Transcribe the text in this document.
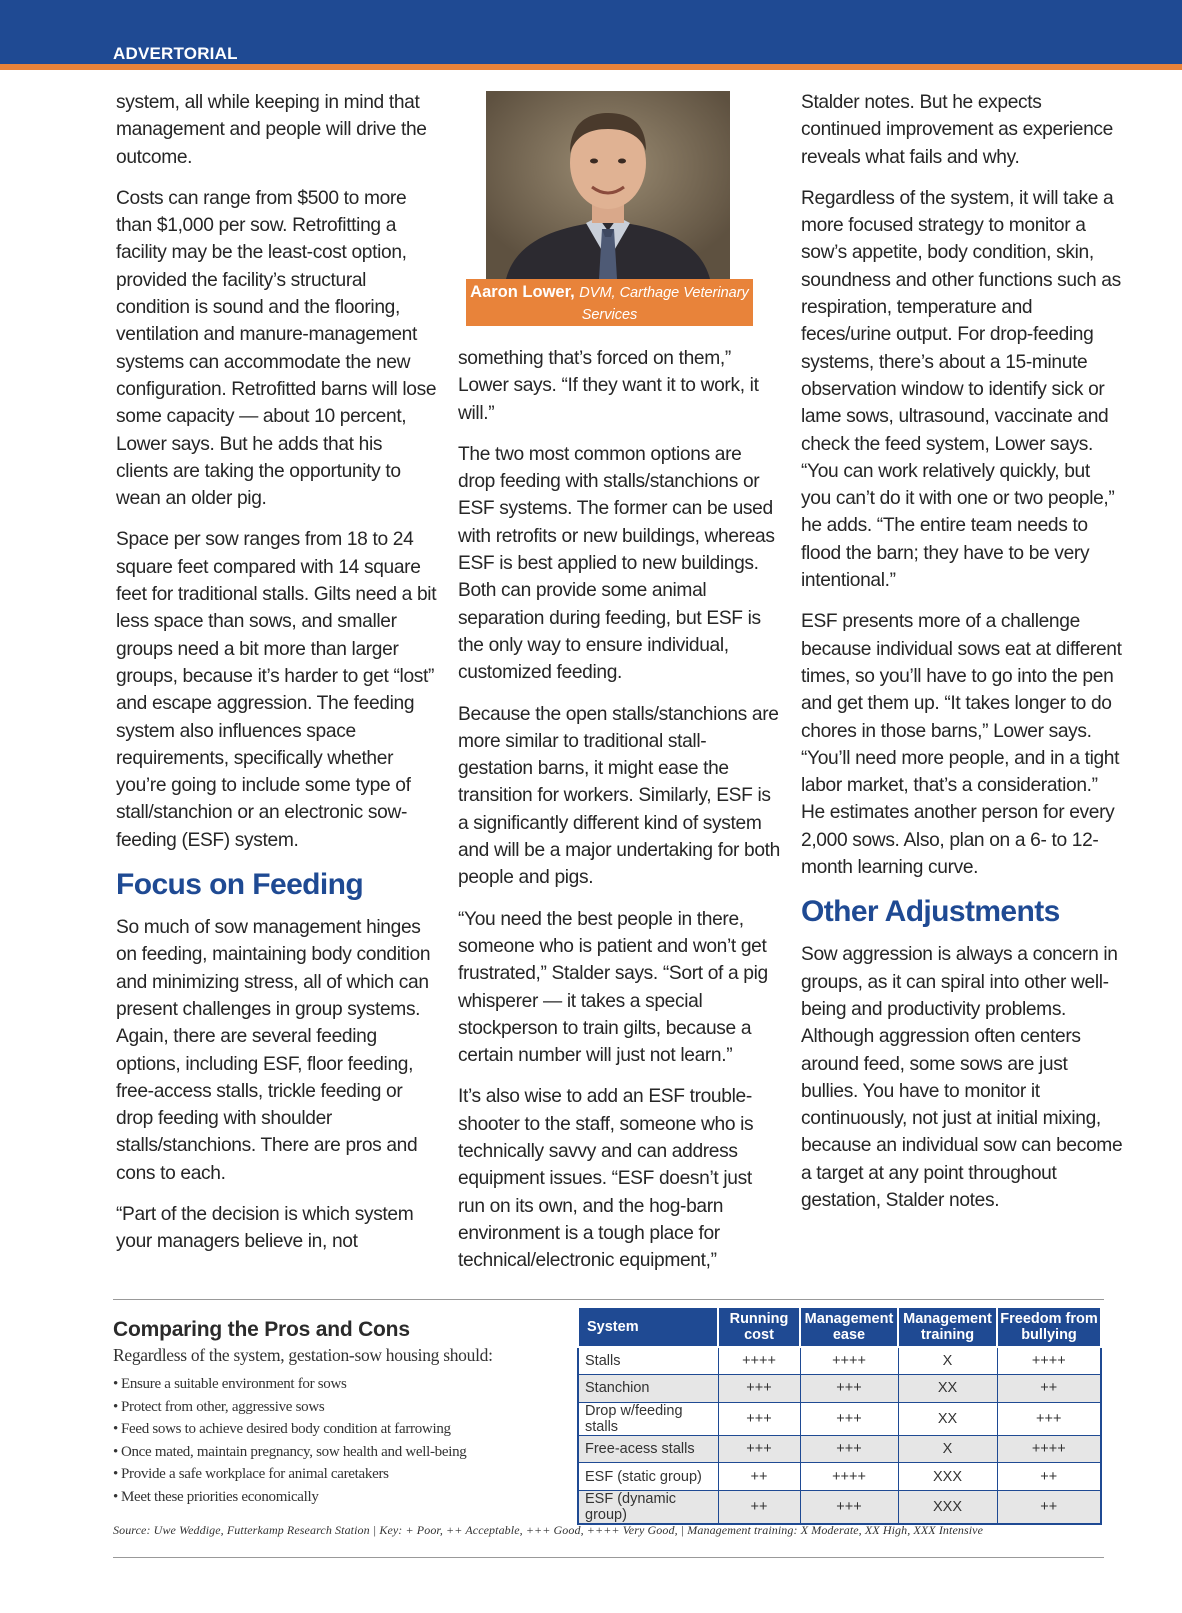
ADVERTORIAL

system, all while keeping in mind that management and people will drive the outcome.

Costs can range from $500 to more than $1,000 per sow. Retrofitting a facility may be the least-cost option, provided the facility’s structural condition is sound and the flooring, ventilation and manure-management systems can accommodate the new configuration. Retrofitted barns will lose some capacity — about 10 percent, Lower says. But he adds that his clients are taking the opportunity to wean an older pig.

Space per sow ranges from 18 to 24 square feet compared with 14 square feet for traditional stalls. Gilts need a bit less space than sows, and smaller groups need a bit more than larger groups, because it’s harder to get “lost” and escape aggression. The feeding system also influences space requirements, specifically whether you’re going to include some type of stall/stanchion or an electronic sow-feeding (ESF) system.

Focus on Feeding

So much of sow management hinges on feeding, maintaining body condition and minimizing stress, all of which can present challenges in group systems. Again, there are several feeding options, including ESF, floor feeding, free-access stalls, trickle feeding or drop feeding with shoulder stalls/stanchions. There are pros and cons to each.

“Part of the decision is which system your managers believe in, not

Aaron Lower, DVM, Carthage Veterinary Services

something that’s forced on them,” Lower says. “If they want it to work, it will.”

The two most common options are drop feeding with stalls/stanchions or ESF systems. The former can be used with retrofits or new buildings, whereas ESF is best applied to new buildings. Both can provide some animal separation during feeding, but ESF is the only way to ensure individual, customized feeding.

Because the open stalls/stanchions are more similar to traditional stall-gestation barns, it might ease the transition for workers. Similarly, ESF is a significantly different kind of system and will be a major undertaking for both people and pigs.

“You need the best people in there, someone who is patient and won’t get frustrated,” Stalder says. “Sort of a pig whisperer — it takes a special stockperson to train gilts, because a certain number will just not learn.”

It’s also wise to add an ESF trouble-shooter to the staff, someone who is technically savvy and can address equipment issues. “ESF doesn’t just run on its own, and the hog-barn environment is a tough place for technical/electronic equipment,”

Stalder notes. But he expects continued improvement as experience reveals what fails and why.

Regardless of the system, it will take a more focused strategy to monitor a sow’s appetite, body condition, skin, soundness and other functions such as respiration, temperature and feces/urine output. For drop-feeding systems, there’s about a 15-minute observation window to identify sick or lame sows, ultrasound, vaccinate and check the feed system, Lower says. “You can work relatively quickly, but you can’t do it with one or two people,” he adds. “The entire team needs to flood the barn; they have to be very intentional.”

ESF presents more of a challenge because individual sows eat at different times, so you’ll have to go into the pen and get them up. “It takes longer to do chores in those barns,” Lower says. “You’ll need more people, and in a tight labor market, that’s a consideration.” He estimates another person for every 2,000 sows. Also, plan on a 6- to 12-month learning curve.

Other Adjustments

Sow aggression is always a concern in groups, as it can spiral into other well-being and productivity problems. Although aggression often centers around feed, some sows are just bullies. You have to monitor it continuously, not just at initial mixing, because an individual sow can become a target at any point throughout gestation, Stalder notes.

Comparing the Pros and Cons
Regardless of the system, gestation-sow housing should:
• Ensure a suitable environment for sows
• Protect from other, aggressive sows
• Feed sows to achieve desired body condition at farrowing
• Once mated, maintain pregnancy, sow health and well-being
• Provide a safe workplace for animal caretakers
• Meet these priorities economically
System	Running cost	Management ease	Management training	Freedom from bullying
Stalls	++++	++++	X	++++
Stanchion	+++	+++	XX	++
Drop w/feeding stalls	+++	+++	XX	+++
Free-acess stalls	+++	+++	X	++++
ESF (static group)	++	++++	XXX	++
ESF (dynamic group)	++	+++	XXX	++
Source: Uwe Weddige, Futterkamp Research Station | Key: + Poor, ++ Acceptable, +++ Good, ++++ Very Good, | Management training: X Moderate, XX High, XXX Intensive
